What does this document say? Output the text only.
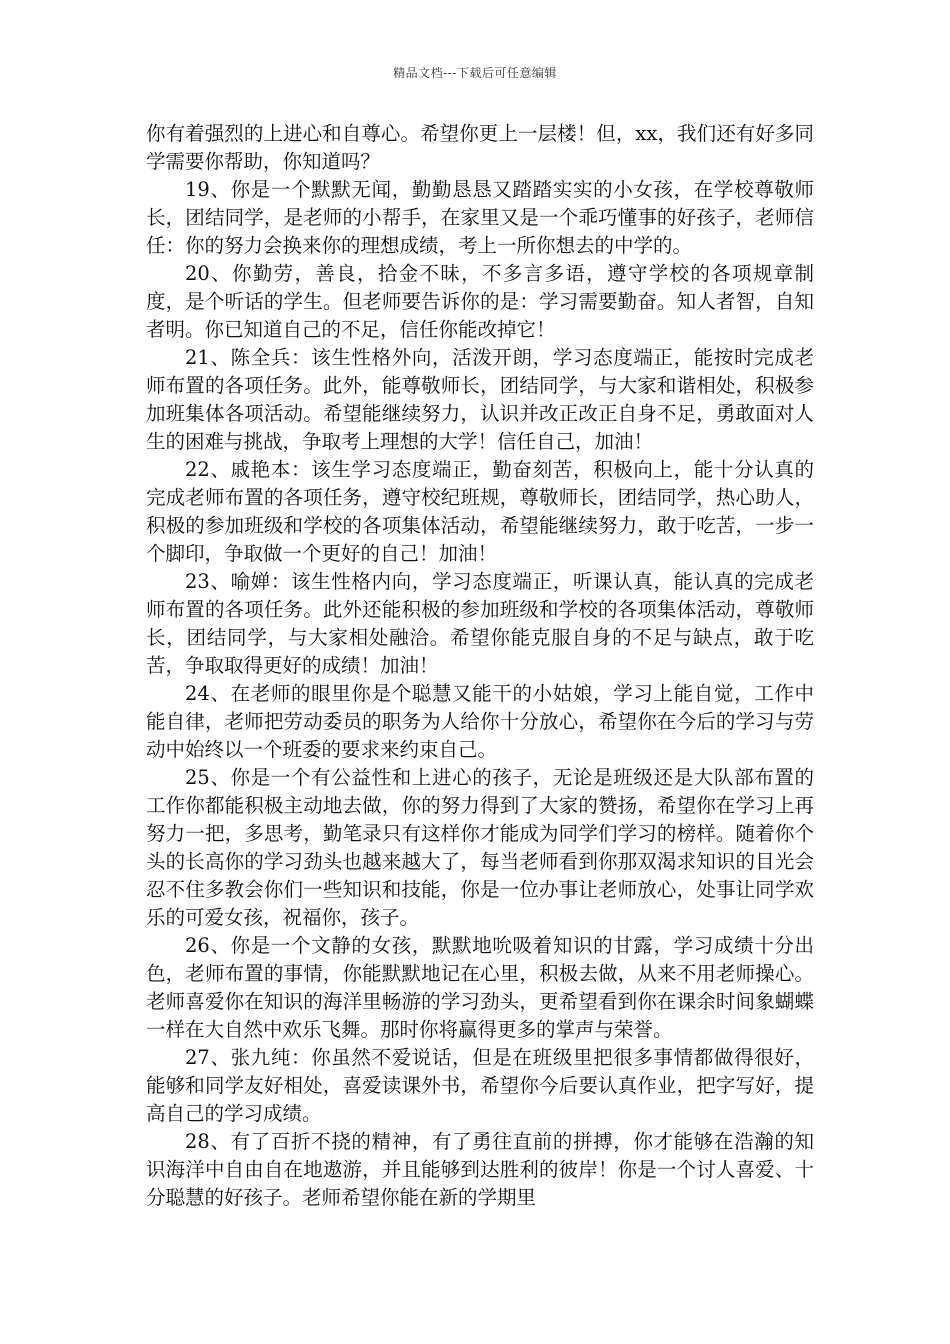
精品文档---下载后可任意编辑

你有着强烈的上进心和自尊心。希望你更上一层楼！但，xx，我们还有好多同学需要你帮助，你知道吗？

19、你是一个默默无闻，勤勤恳恳又踏踏实实的小女孩，在学校尊敬师长，团结同学，是老师的小帮手，在家里又是一个乖巧懂事的好孩子，老师信任：你的努力会换来你的理想成绩，考上一所你想去的中学的。

20、你勤劳，善良，拾金不昧，不多言多语，遵守学校的各项规章制度，是个听话的学生。但老师要告诉你的是：学习需要勤奋。知人者智，自知者明。你已知道自己的不足，信任你能改掉它！

21、陈全兵：该生性格外向，活泼开朗，学习态度端正，能按时完成老师布置的各项任务。此外，能尊敬师长，团结同学，与大家和谐相处，积极参加班集体各项活动。希望能继续努力，认识并改正改正自身不足，勇敢面对人生的困难与挑战，争取考上理想的大学！信任自己，加油！

22、戚艳本：该生学习态度端正，勤奋刻苦，积极向上，能十分认真的完成老师布置的各项任务，遵守校纪班规，尊敬师长，团结同学，热心助人，积极的参加班级和学校的各项集体活动，希望能继续努力，敢于吃苦，一步一个脚印，争取做一个更好的自己！加油！

23、喻婵：该生性格内向，学习态度端正，听课认真，能认真的完成老师布置的各项任务。此外还能积极的参加班级和学校的各项集体活动，尊敬师长，团结同学，与大家相处融洽。希望你能克服自身的不足与缺点，敢于吃苦，争取取得更好的成绩！加油！

24、在老师的眼里你是个聪慧又能干的小姑娘，学习上能自觉，工作中能自律，老师把劳动委员的职务为人给你十分放心，希望你在今后的学习与劳动中始终以一个班委的要求来约束自己。

25、你是一个有公益性和上进心的孩子，无论是班级还是大队部布置的工作你都能积极主动地去做，你的努力得到了大家的赞扬，希望你在学习上再努力一把，多思考，勤笔录只有这样你才能成为同学们学习的榜样。随着你个头的长高你的学习劲头也越来越大了，每当老师看到你那双渴求知识的目光会忍不住多教会你们一些知识和技能，你是一位办事让老师放心，处事让同学欢乐的可爱女孩，祝福你，孩子。

26、你是一个文静的女孩，默默地吮吸着知识的甘露，学习成绩十分出色，老师布置的事情，你能默默地记在心里，积极去做，从来不用老师操心。老师喜爱你在知识的海洋里畅游的学习劲头，更希望看到你在课余时间象蝴蝶一样在大自然中欢乐飞舞。那时你将赢得更多的掌声与荣誉。

27、张九纯：你虽然不爱说话，但是在班级里把很多事情都做得很好，能够和同学友好相处，喜爱读课外书，希望你今后要认真作业，把字写好，提高自己的学习成绩。

28、有了百折不挠的精神，有了勇往直前的拼搏，你才能够在浩瀚的知识海洋中自由自在地遨游，并且能够到达胜利的彼岸！你是一个讨人喜爱、十分聪慧的好孩子。老师希望你能在新的学期里
